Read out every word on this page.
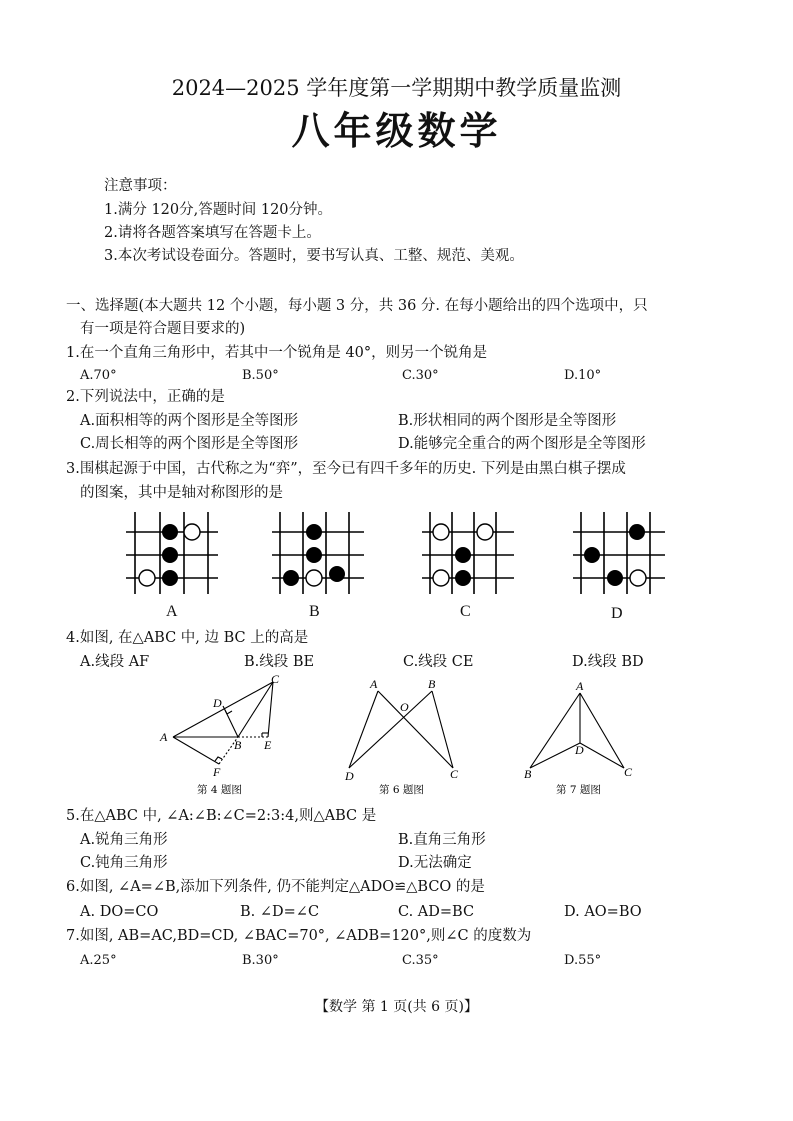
2024—2025 学年度第一学期期中教学质量监测
八年级数学
注意事项：
1.满分 120分,答题时间 120分钟。
2.请将各题答案填写在答题卡上。
3.本次考试设卷面分。答题时，要书写认真、工整、规范、美观。
一、选择题(本大题共 12 个小题，每小题 3 分，共 36 分. 在每小题给出的四个选项中，只
有一项是符合题目要求的)
1.在一个直角三角形中，若其中一个锐角是 40°，则另一个锐角是
A.70°	B.50°	C.30°	D.10°
2.下列说法中，正确的是
A.面积相等的两个图形是全等图形	B.形状相同的两个图形是全等图形
C.周长相等的两个图形是全等图形	D.能够完全重合的两个图形是全等图形
3.围棋起源于中国，古代称之为“弈”，至今已有四千多年的历史. 下列是由黑白棋子摆成
的图案，其中是轴对称图形的是
A	B	C	D
4.如图, 在△ABC 中, 边 BC 上的高是
A.线段 AF	B.线段 BE	C.线段 CE	D.线段 BD
A
B
C
D
E
F
第 4 题图
A	B
O
D	C
第 6 题图
A
D
B	C
第 7 题图
5.在△ABC 中, ∠A:∠B:∠C=2:3:4,则△ABC 是
A.锐角三角形	B.直角三角形
C.钝角三角形	D.无法确定
6.如图, ∠A=∠B,添加下列条件, 仍不能判定△ADO≌△BCO 的是
A. DO=CO	B. ∠D=∠C	C. AD=BC	D. AO=BO
7.如图, AB=AC,BD=CD, ∠BAC=70°, ∠ADB=120°,则∠C 的度数为
A.25°	B.30°	C.35°	D.55°
【数学 第 1 页(共 6 页)】
